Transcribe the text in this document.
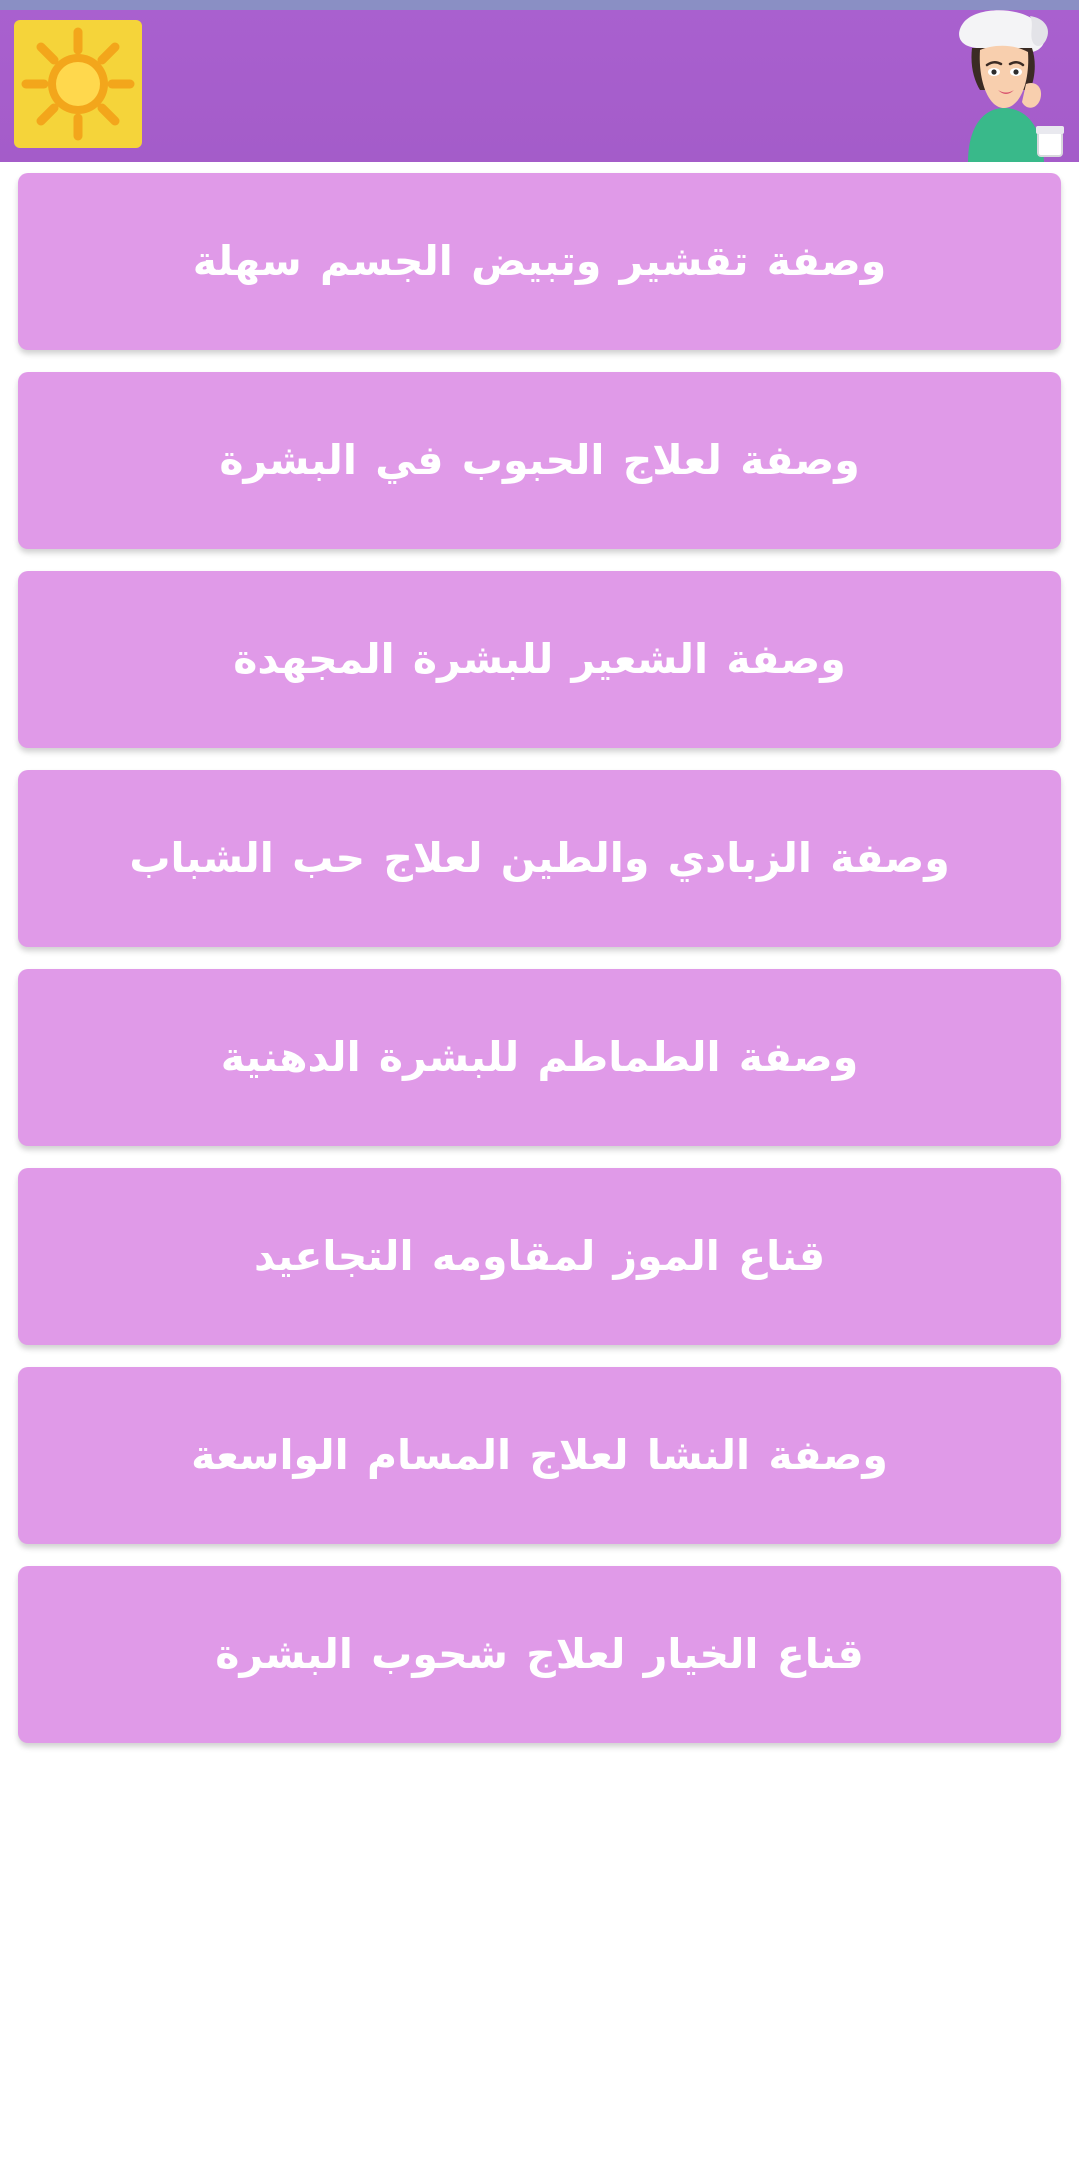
وصفة تقشير وتبيض الجسم سهلة
وصفة لعلاج الحبوب في البشرة
وصفة الشعير للبشرة المجهدة
وصفة الزبادي والطين لعلاج حب الشباب
وصفة الطماطم للبشرة الدهنية
قناع الموز لمقاومه التجاعيد
وصفة النشا لعلاج المسام الواسعة
قناع الخيار لعلاج شحوب البشرة
